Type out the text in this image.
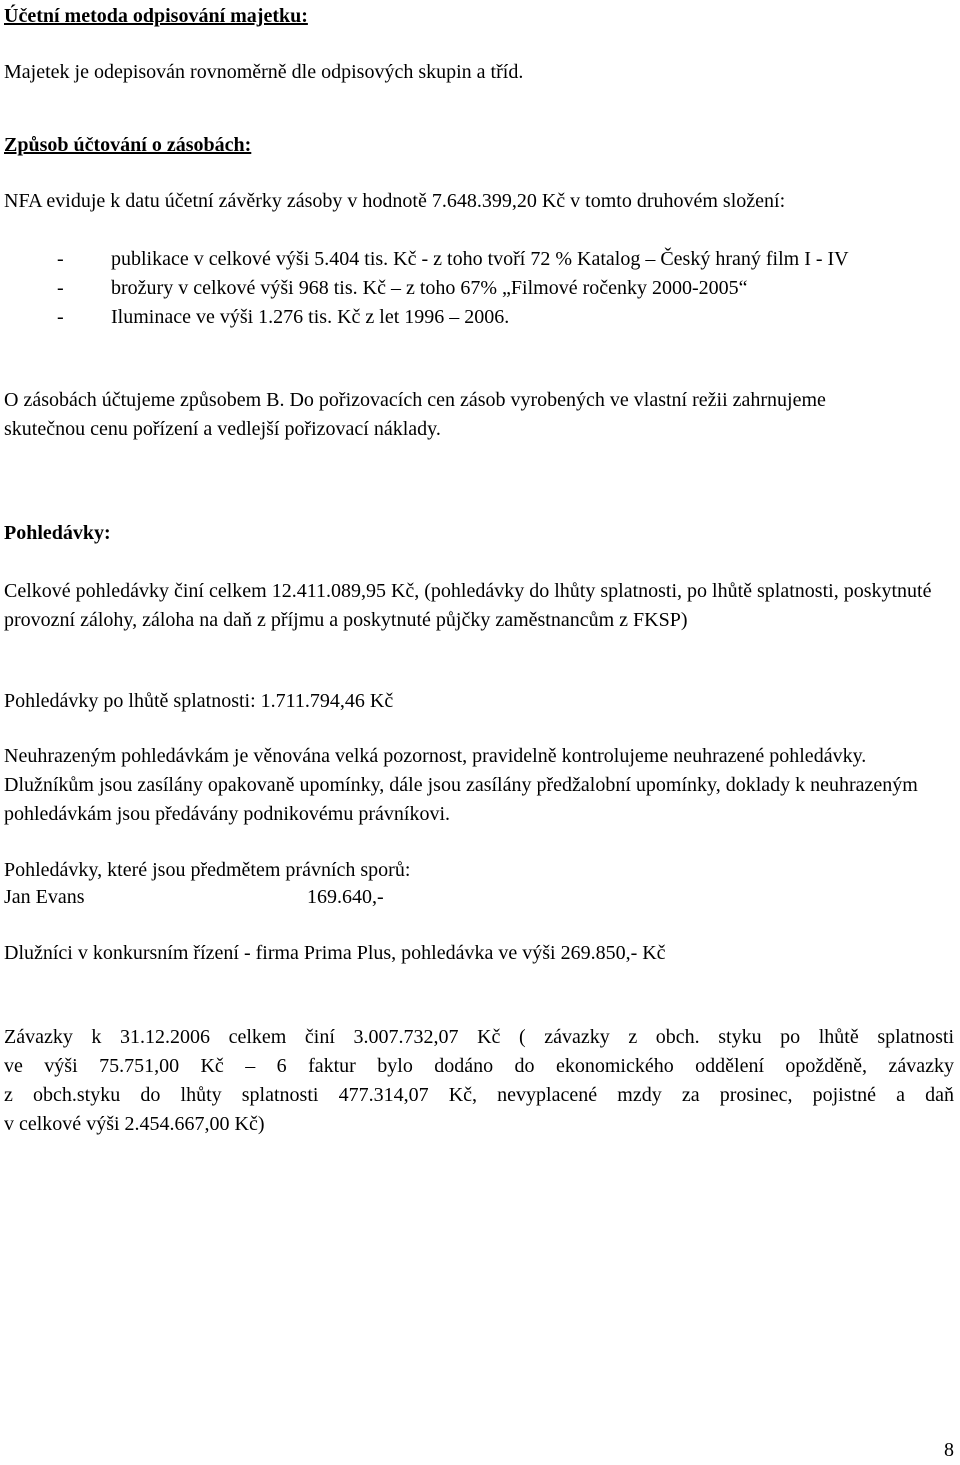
Účetní metoda odpisování majetku:

Majetek je odepisován rovnoměrně dle odpisových skupin a tříd.

Způsob účtování o zásobách:

NFA eviduje k datu účetní závěrky zásoby v hodnotě 7.648.399,20 Kč v tomto druhovém složení:

- publikace v celkové výši 5.404 tis. Kč - z toho tvoří 72 % Katalog – Český hraný film I - IV
- brožury v celkové výši 968 tis. Kč – z toho 67% „Filmové ročenky 2000-2005“
- Iluminace ve výši 1.276 tis. Kč z let 1996 – 2006.

O zásobách účtujeme způsobem B. Do pořizovacích cen zásob vyrobených ve vlastní režii zahrnujeme skutečnou cenu pořízení a vedlejší pořizovací náklady.

Pohledávky:

Celkové pohledávky činí celkem 12.411.089,95 Kč, (pohledávky do lhůty splatnosti, po lhůtě splatnosti, poskytnuté provozní zálohy, záloha na daň z příjmu a poskytnuté půjčky zaměstnancům z FKSP)

Pohledávky po lhůtě splatnosti: 1.711.794,46 Kč

Neuhrazeným pohledávkám je věnována velká pozornost, pravidelně kontrolujeme neuhrazené pohledávky. Dlužníkům jsou zasílány opakovaně upomínky, dále jsou zasílány předžalobní upomínky, doklady k neuhrazeným pohledávkám jsou předávány podnikovému právníkovi.

Pohledávky, které jsou předmětem právních sporů:

Jan Evans	169.640,-

Dlužníci v konkursním řízení - firma Prima Plus, pohledávka ve výši 269.850,- Kč

Závazky k 31.12.2006 celkem činí 3.007.732,07 Kč ( závazky z obch. styku po lhůtě splatnosti
ve výši 75.751,00 Kč – 6 faktur bylo dodáno do ekonomického oddělení opožděně, závazky
z obch.styku do lhůty splatnosti 477.314,07 Kč, nevyplacené mzdy za prosinec, pojistné a daň
v celkové výši 2.454.667,00 Kč)
8
